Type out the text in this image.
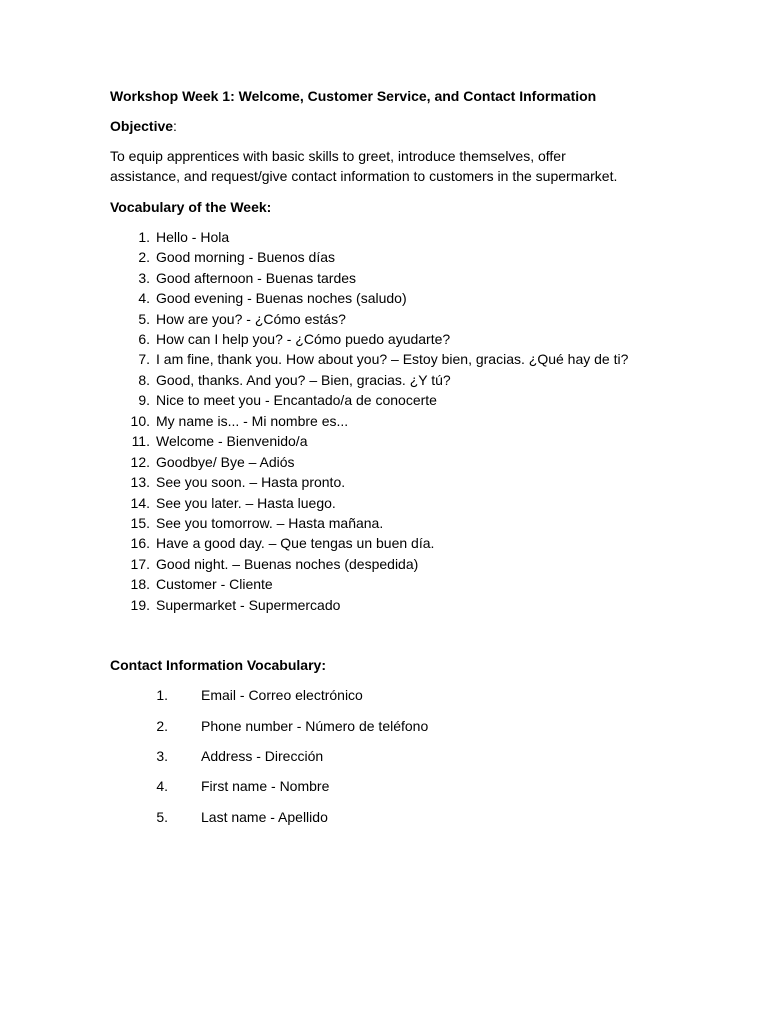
Workshop Week 1: Welcome, Customer Service, and Contact Information
Objective:
To equip apprentices with basic skills to greet, introduce themselves, offer assistance, and request/give contact information to customers in the supermarket.
Vocabulary of the Week:
1. Hello - Hola
2. Good morning - Buenos días
3. Good afternoon - Buenas tardes
4. Good evening - Buenas noches (saludo)
5. How are you? - ¿Cómo estás?
6. How can I help you? - ¿Cómo puedo ayudarte?
7. I am fine, thank you. How about you? – Estoy bien, gracias. ¿Qué hay de ti?
8. Good, thanks. And you? – Bien, gracias. ¿Y tú?
9. Nice to meet you - Encantado/a de conocerte
10. My name is... - Mi nombre es...
11. Welcome - Bienvenido/a
12. Goodbye/ Bye – Adiós
13. See you soon. – Hasta pronto.
14. See you later. – Hasta luego.
15. See you tomorrow. – Hasta mañana.
16. Have a good day. – Que tengas un buen día.
17. Good night. – Buenas noches (despedida)
18. Customer - Cliente
19. Supermarket - Supermercado
Contact Information Vocabulary:
1. Email - Correo electrónico
2. Phone number - Número de teléfono
3. Address - Dirección
4. First name - Nombre
5. Last name - Apellido
